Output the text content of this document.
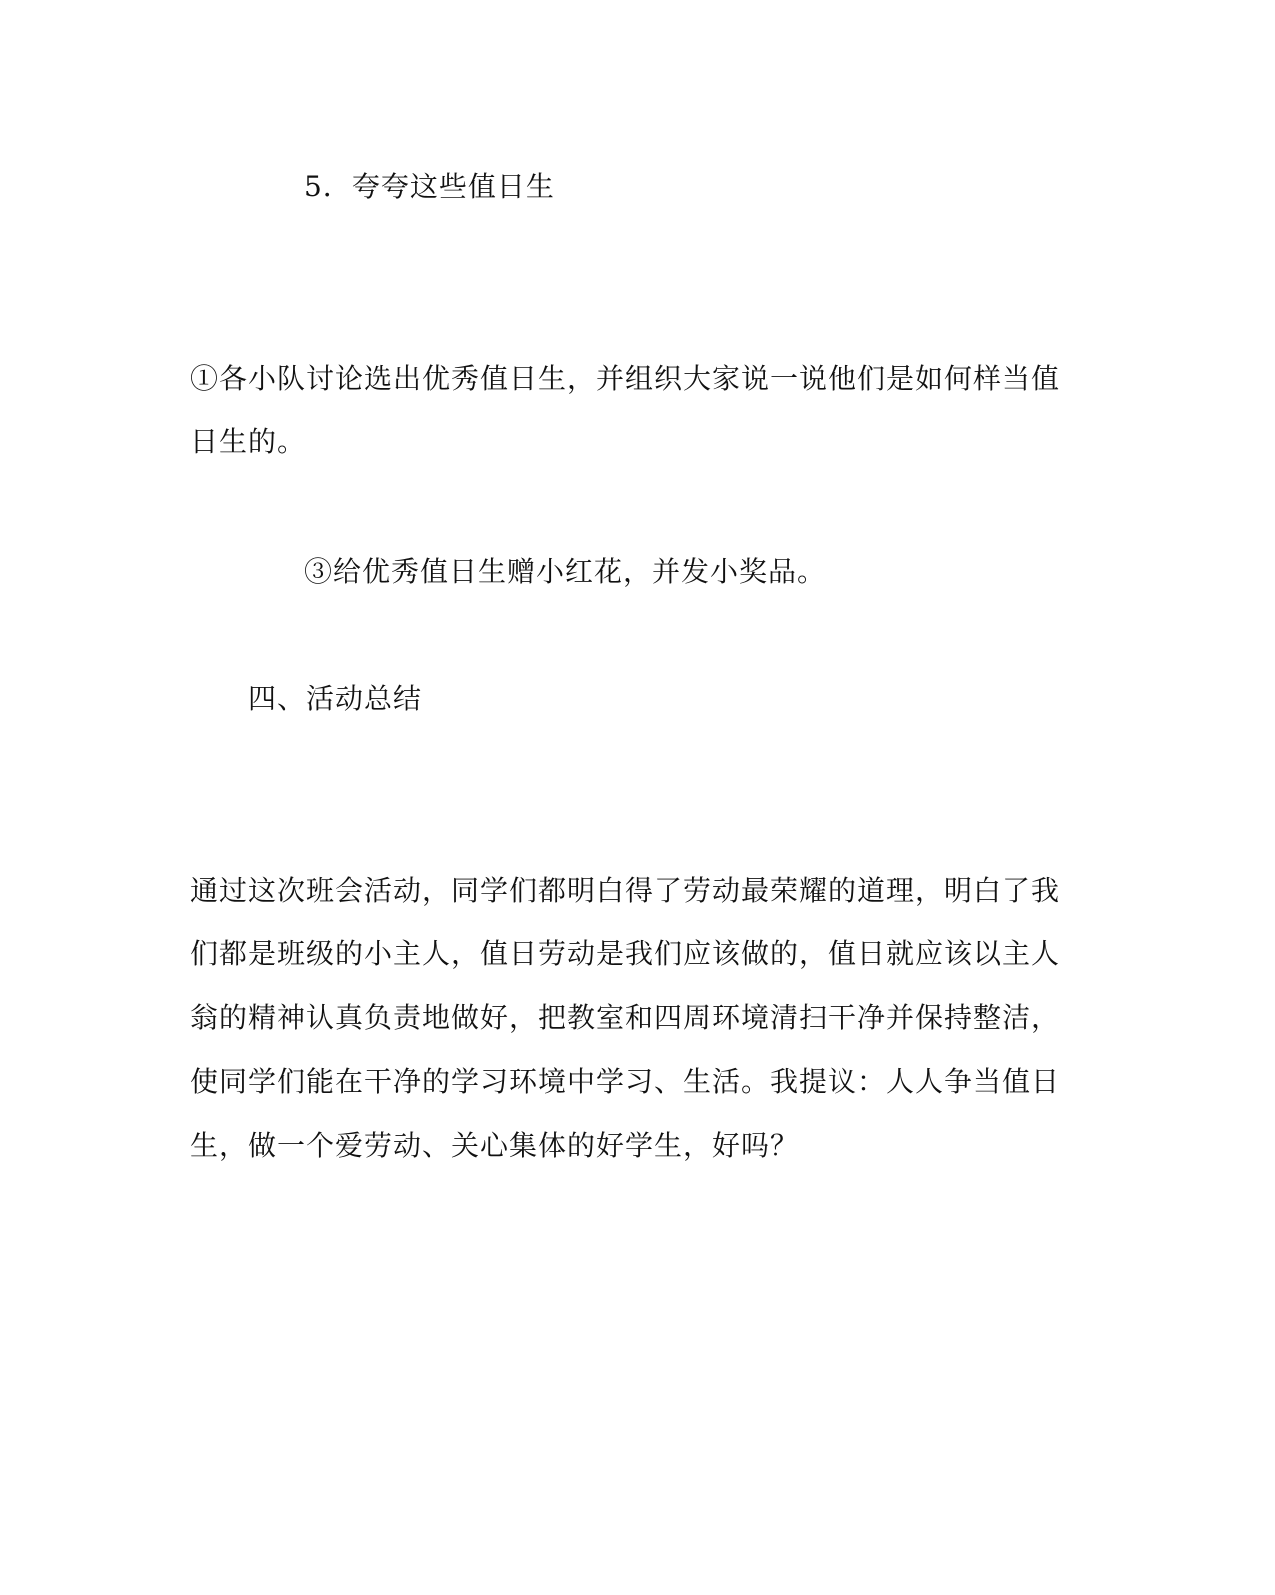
5．夸夸这些值日生
①各小队讨论选出优秀值日生，并组织大家说一说他们是如何样当值
日生的。
③给优秀值日生赠小红花，并发小奖品。
四、活动总结
通过这次班会活动，同学们都明白得了劳动最荣耀的道理，明白了我
们都是班级的小主人，值日劳动是我们应该做的，值日就应该以主人
翁的精神认真负责地做好，把教室和四周环境清扫干净并保持整洁，
使同学们能在干净的学习环境中学习、生活。我提议：人人争当值日
生，做一个爱劳动、关心集体的好学生，好吗？
